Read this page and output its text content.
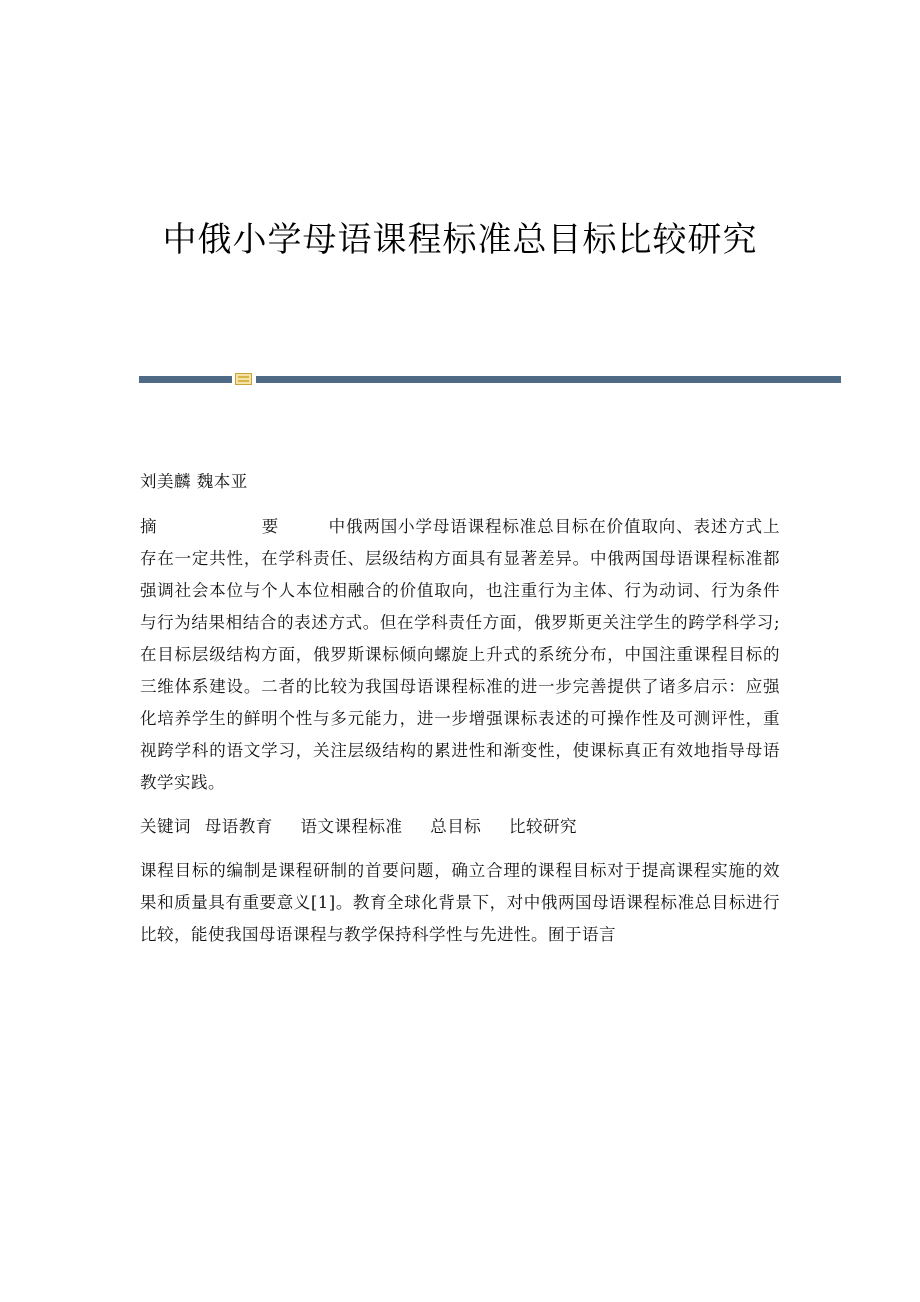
中俄小学母语课程标准总目标比较研究

刘美麟 魏本亚

摘 要中俄两国小学母语课程标准总目标在价值取向、表述方式上存在一定共性，在学科责任、层级结构方面具有显著差异。中俄两国母语课程标准都强调社会本位与个人本位相融合的价值取向，也注重行为主体、行为动词、行为条件与行为结果相结合的表述方式。但在学科责任方面，俄罗斯更关注学生的跨学科学习;在目标层级结构方面，俄罗斯课标倾向螺旋上升式的系统分布，中国注重课程目标的三维体系建设。二者的比较为我国母语课程标准的进一步完善提供了诸多启示：应强化培养学生的鲜明个性与多元能力，进一步增强课标表述的可操作性及可测评性，重视跨学科的语文学习，关注层级结构的累进性和渐变性，使课标真正有效地指导母语教学实践。

关键词 母语教育 语文课程标准 总目标 比较研究

课程目标的编制是课程研制的首要问题，确立合理的课程目标对于提高课程实施的效果和质量具有重要意义[1]。教育全球化背景下，对中俄两国母语课程标准总目标进行比较，能使我国母语课程与教学保持科学性与先进性。囿于语言
